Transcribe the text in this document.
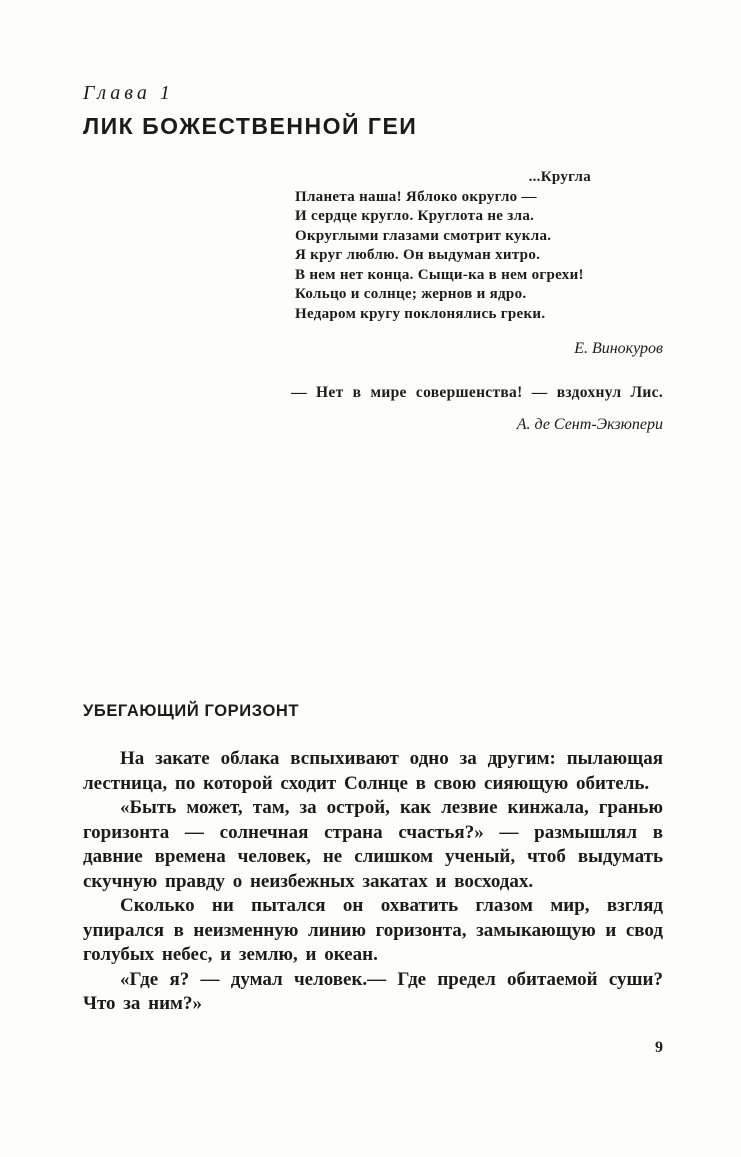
Глава 1
ЛИК БОЖЕСТВЕННОЙ ГЕИ
...Кругла
Планета наша! Яблоко округло —
И сердце кругло. Круглота не зла.
Округлыми глазами смотрит кукла.
Я круг люблю. Он выдуман хитро.
В нем нет конца. Сыщи-ка в нем огрехи!
Кольцо и солнце; жернов и ядро.
Недаром кругу поклонялись греки.
Е. Винокуров
— Нет в мире совершенства! — вздохнул Лис.
А. де Сент-Экзюпери
УБЕГАЮЩИЙ ГОРИЗОНТ

На закате облака вспыхивают одно за другим: пылающая лестница, по которой сходит Солнце в свою сияющую обитель.

«Быть может, там, за острой, как лезвие кинжала, гранью горизонта — солнечная страна счастья?» — размышлял в давние времена человек, не слишком ученый, чтоб выдумать скучную правду о неизбежных закатах и восходах.

Сколько ни пытался он охватить глазом мир, взгляд упирался в неизменную линию горизонта, замыкающую и свод голубых небес, и землю, и океан.

«Где я? — думал человек.— Где предел обитаемой суши? Что за ним?»

9
